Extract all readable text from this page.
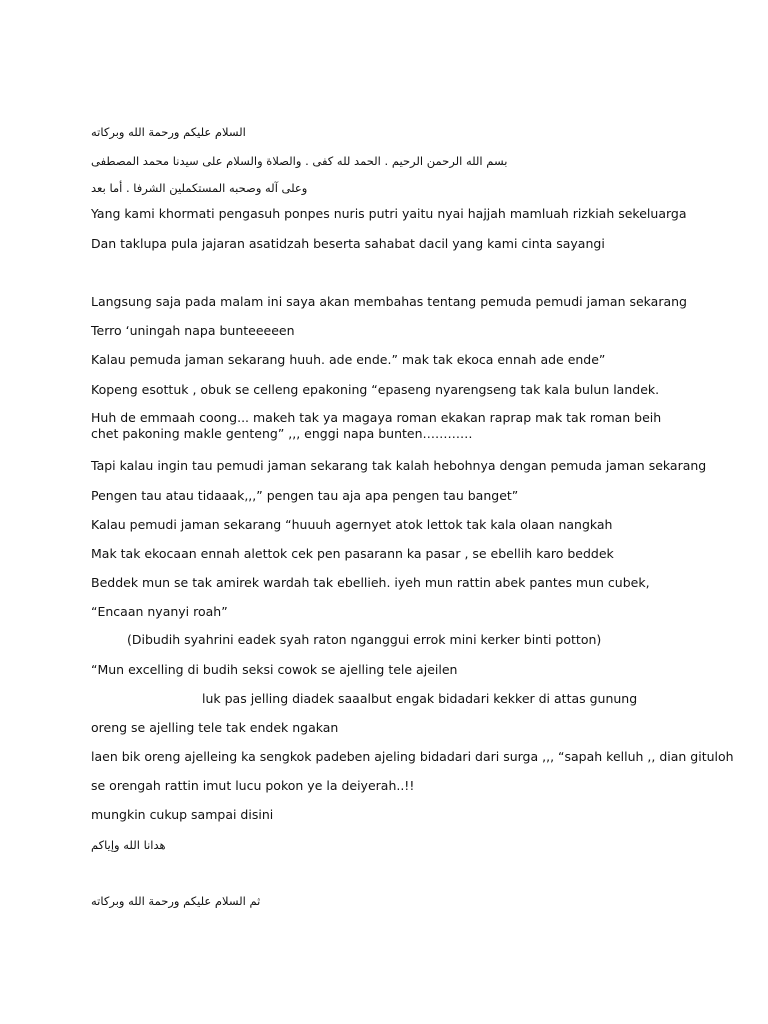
السلام عليكم ورحمة الله وبركاته
بسم الله الرحمن الرحيم . الحمد لله كفى . والصلاة والسلام على سيدنا محمد المصطفى
وعلى آله وصحبه المستكملين الشرفا . أما بعد
Yang kami khormati pengasuh ponpes nuris putri yaitu nyai hajjah mamluah rizkiah sekeluarga
Dan taklupa pula jajaran asatidzah beserta sahabat dacil yang kami cinta sayangi
Langsung saja pada malam ini saya akan membahas tentang pemuda pemudi jaman sekarang
Terro ‘uningah napa bunteeeeen
Kalau pemuda jaman sekarang huuh. ade ende.” mak tak ekoca ennah ade ende”
Kopeng esottuk , obuk se celleng epakoning “epaseng nyarengseng tak kala bulun landek.
Huh de emmaah coong... makeh tak ya magaya roman ekakan raprap mak tak roman beih chet pakoning makle genteng” ,,, enggi napa bunten…………
Tapi kalau ingin tau pemudi jaman sekarang tak kalah hebohnya dengan pemuda jaman sekarang
Pengen tau atau tidaaak,,,” pengen tau aja apa pengen tau banget”
Kalau pemudi jaman sekarang “huuuh agernyet atok lettok tak kala olaan nangkah
Mak tak ekocaan ennah alettok cek pen pasarann ka pasar , se ebellih karo beddek
Beddek mun se tak amirek wardah tak ebellieh. iyeh mun rattin abek pantes mun cubek,
“Encaan nyanyi roah”
(Dibudih syahrini eadek syah raton nganggui errok mini kerker binti potton)
“Mun excelling di budih seksi cowok se ajelling tele ajeilen
luk pas jelling diadek saaalbut engak bidadari kekker di attas gunung
oreng se ajelling tele tak endek ngakan
laen bik oreng ajelleing ka sengkok padeben ajeling bidadari dari surga ,,, “sapah kelluh ,, dian gituloh
se orengah rattin imut lucu pokon ye la deiyerah..!!
mungkin cukup sampai disini
هدانا الله وإياكم
ثم السلام عليكم ورحمة الله وبركاته
